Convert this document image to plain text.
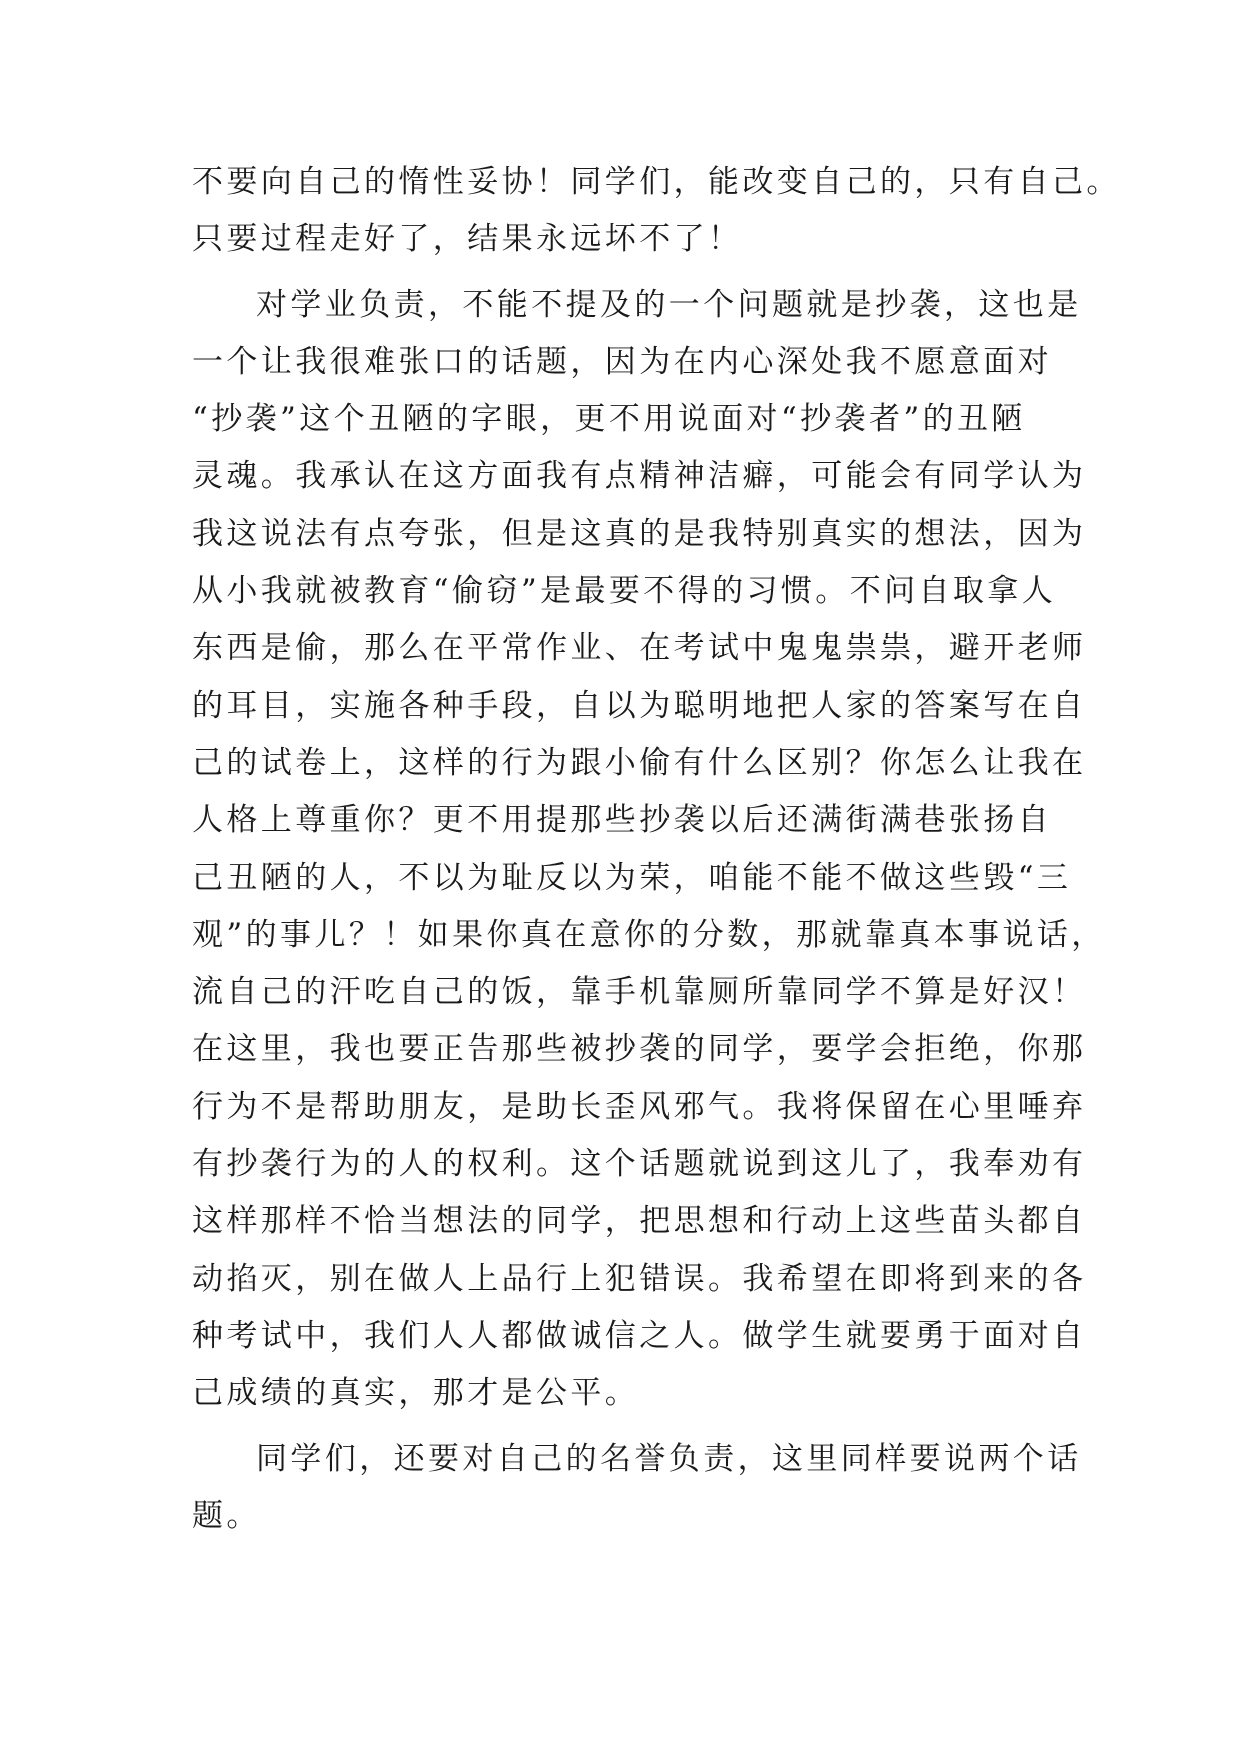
不要向自己的惰性妥协！同学们，能改变自己的，只有自己。
只要过程走好了，结果永远坏不了！
对学业负责，不能不提及的一个问题就是抄袭，这也是
一个让我很难张口的话题，因为在内心深处我不愿意面对
“抄袭”这个丑陋的字眼，更不用说面对“抄袭者”的丑陋
灵魂。我承认在这方面我有点精神洁癖，可能会有同学认为
我这说法有点夸张，但是这真的是我特别真实的想法，因为
从小我就被教育“偷窃”是最要不得的习惯。不问自取拿人
东西是偷，那么在平常作业、在考试中鬼鬼祟祟，避开老师
的耳目，实施各种手段，自以为聪明地把人家的答案写在自
己的试卷上，这样的行为跟小偷有什么区别？你怎么让我在
人格上尊重你？更不用提那些抄袭以后还满街满巷张扬自
己丑陋的人，不以为耻反以为荣，咱能不能不做这些毁“三
观”的事儿？！如果你真在意你的分数，那就靠真本事说话，
流自己的汗吃自己的饭，靠手机靠厕所靠同学不算是好汉！
在这里，我也要正告那些被抄袭的同学，要学会拒绝，你那
行为不是帮助朋友，是助长歪风邪气。我将保留在心里唾弃
有抄袭行为的人的权利。这个话题就说到这儿了，我奉劝有
这样那样不恰当想法的同学，把思想和行动上这些苗头都自
动掐灭，别在做人上品行上犯错误。我希望在即将到来的各
种考试中，我们人人都做诚信之人。做学生就要勇于面对自
己成绩的真实，那才是公平。
同学们，还要对自己的名誉负责，这里同样要说两个话
题。
